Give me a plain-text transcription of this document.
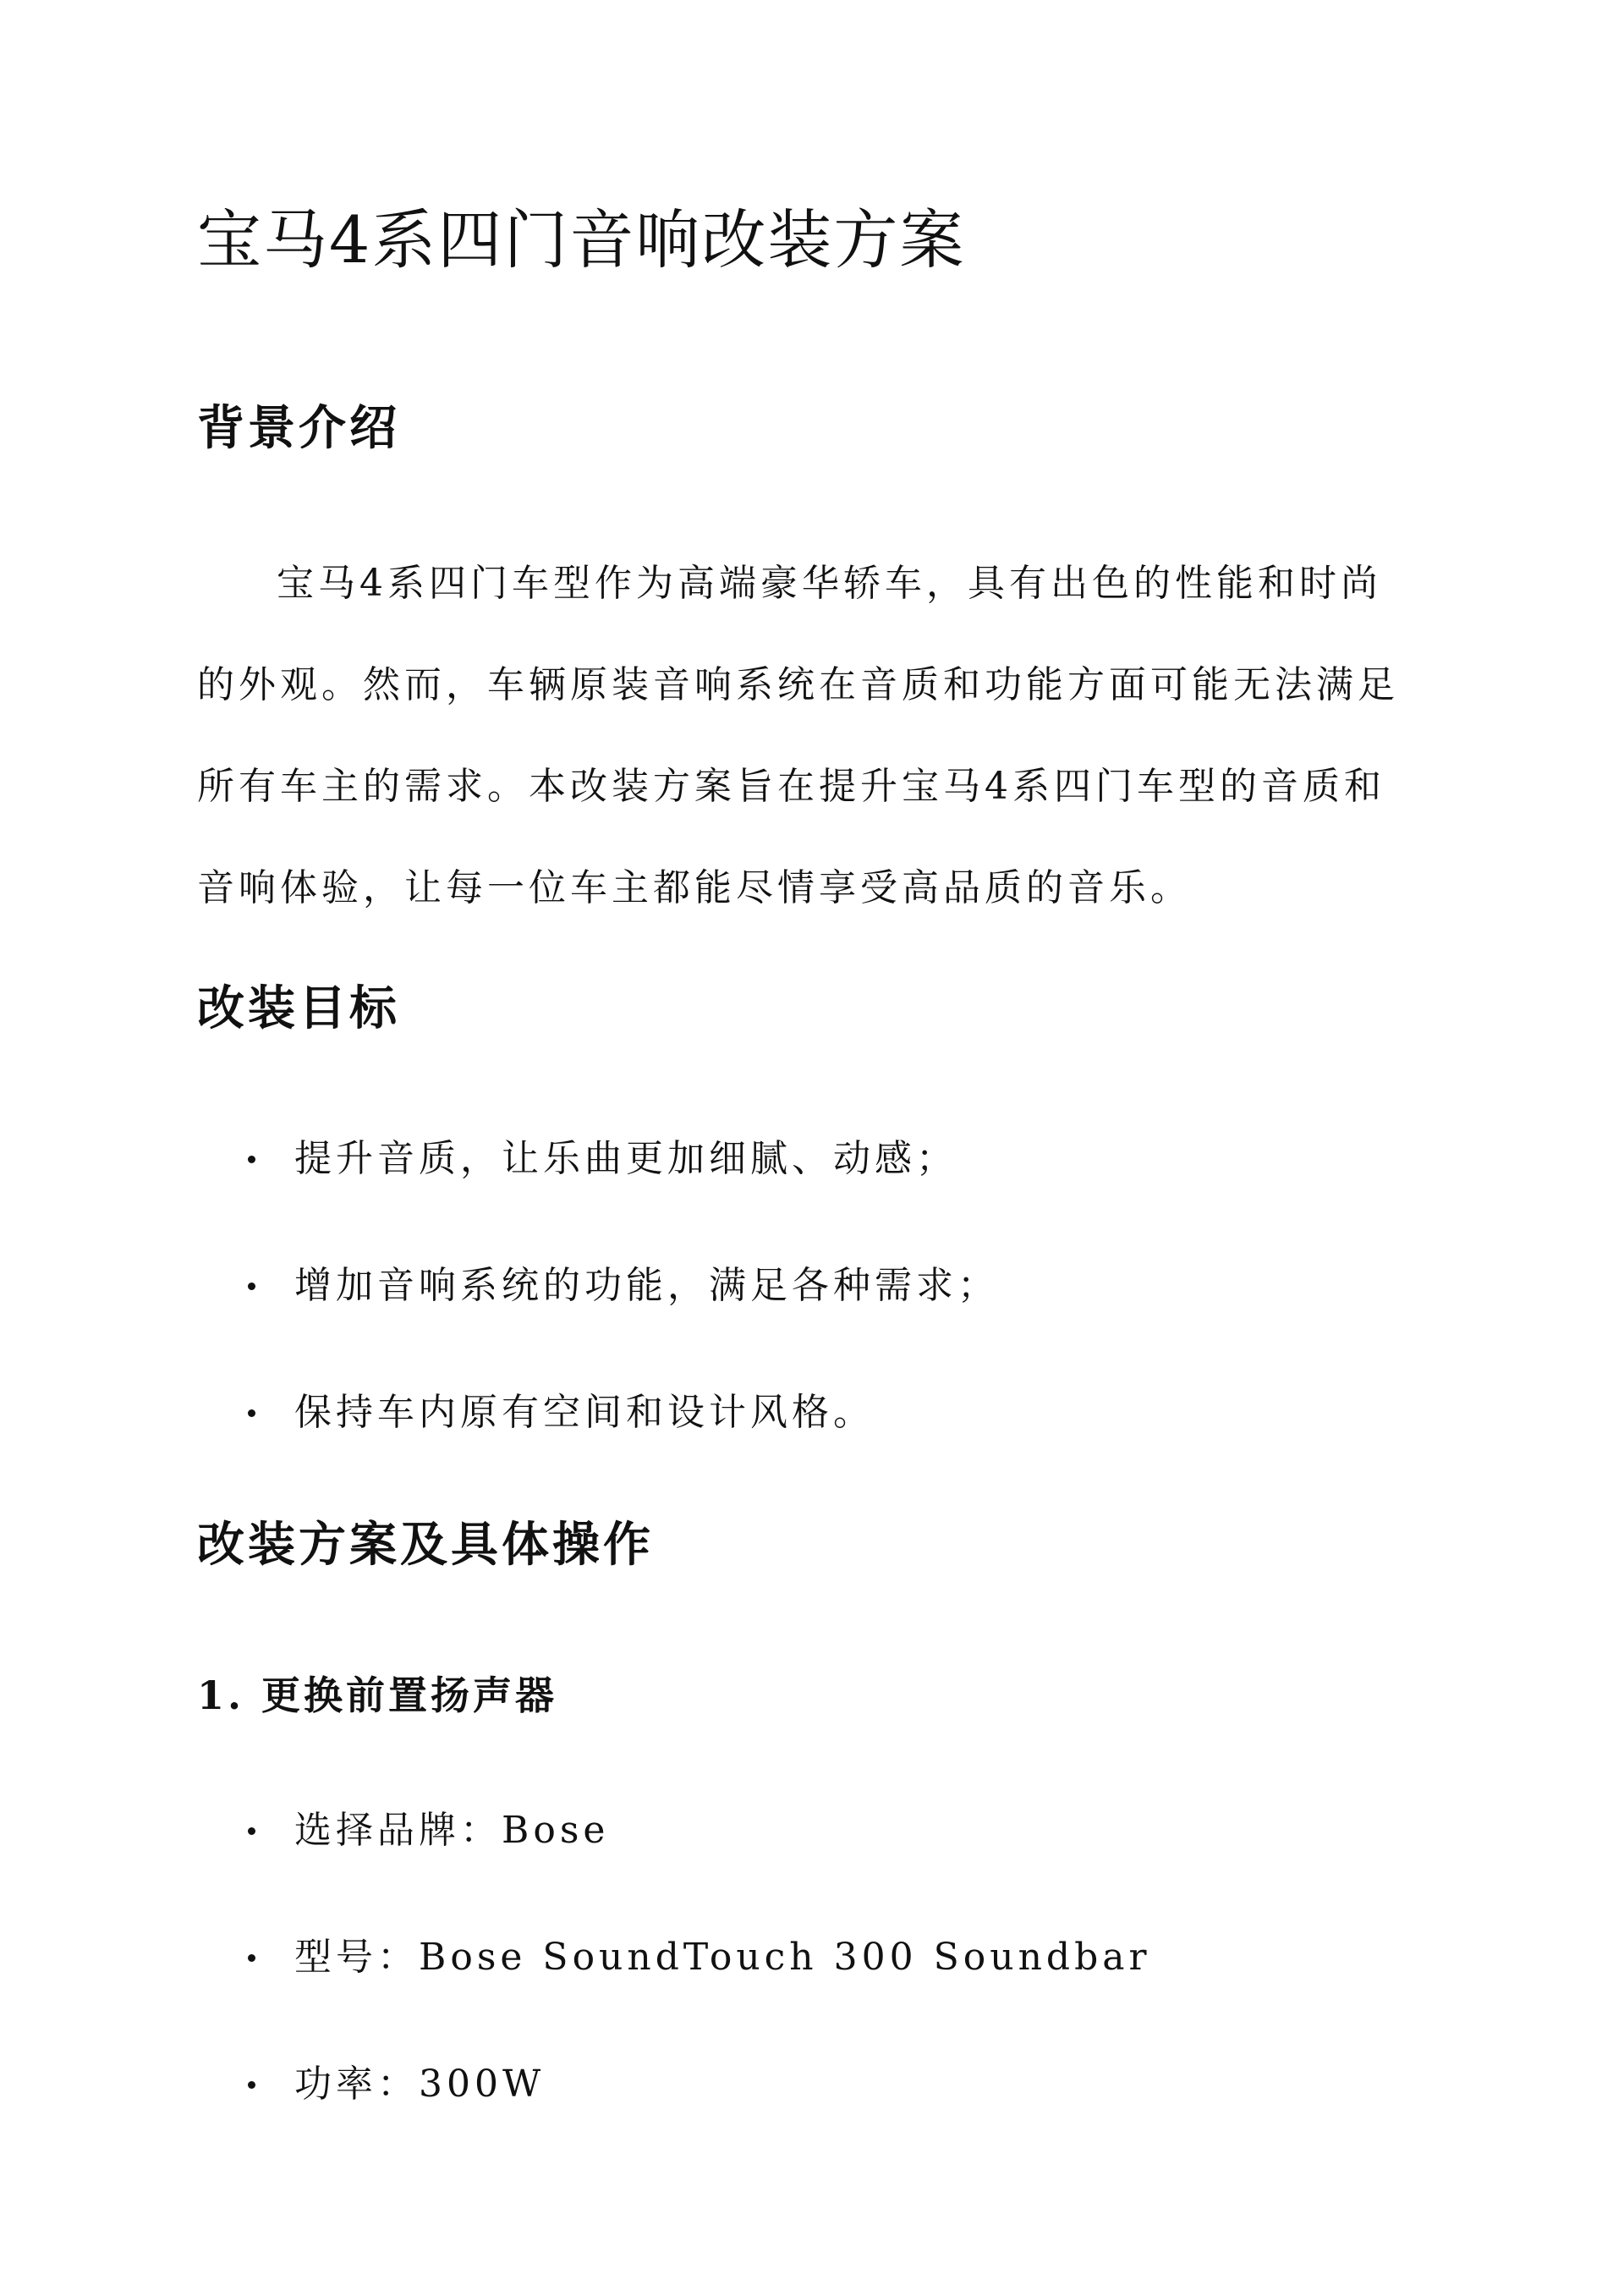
宝马4系四门音响改装方案
背景介绍

宝马4系四门车型作为高端豪华轿车，具有出色的性能和时尚
的外观。然而，车辆原装音响系统在音质和功能方面可能无法满足
所有车主的需求。本改装方案旨在提升宝马4系四门车型的音质和
音响体验，让每一位车主都能尽情享受高品质的音乐。

改装目标
提升音质，让乐曲更加细腻、动感；
增加音响系统的功能，满足各种需求；
保持车内原有空间和设计风格。
改装方案及具体操作
1. 更换前置扬声器
选择品牌：Bose
型号：Bose SoundTouch 300 Soundbar
功率：300W
